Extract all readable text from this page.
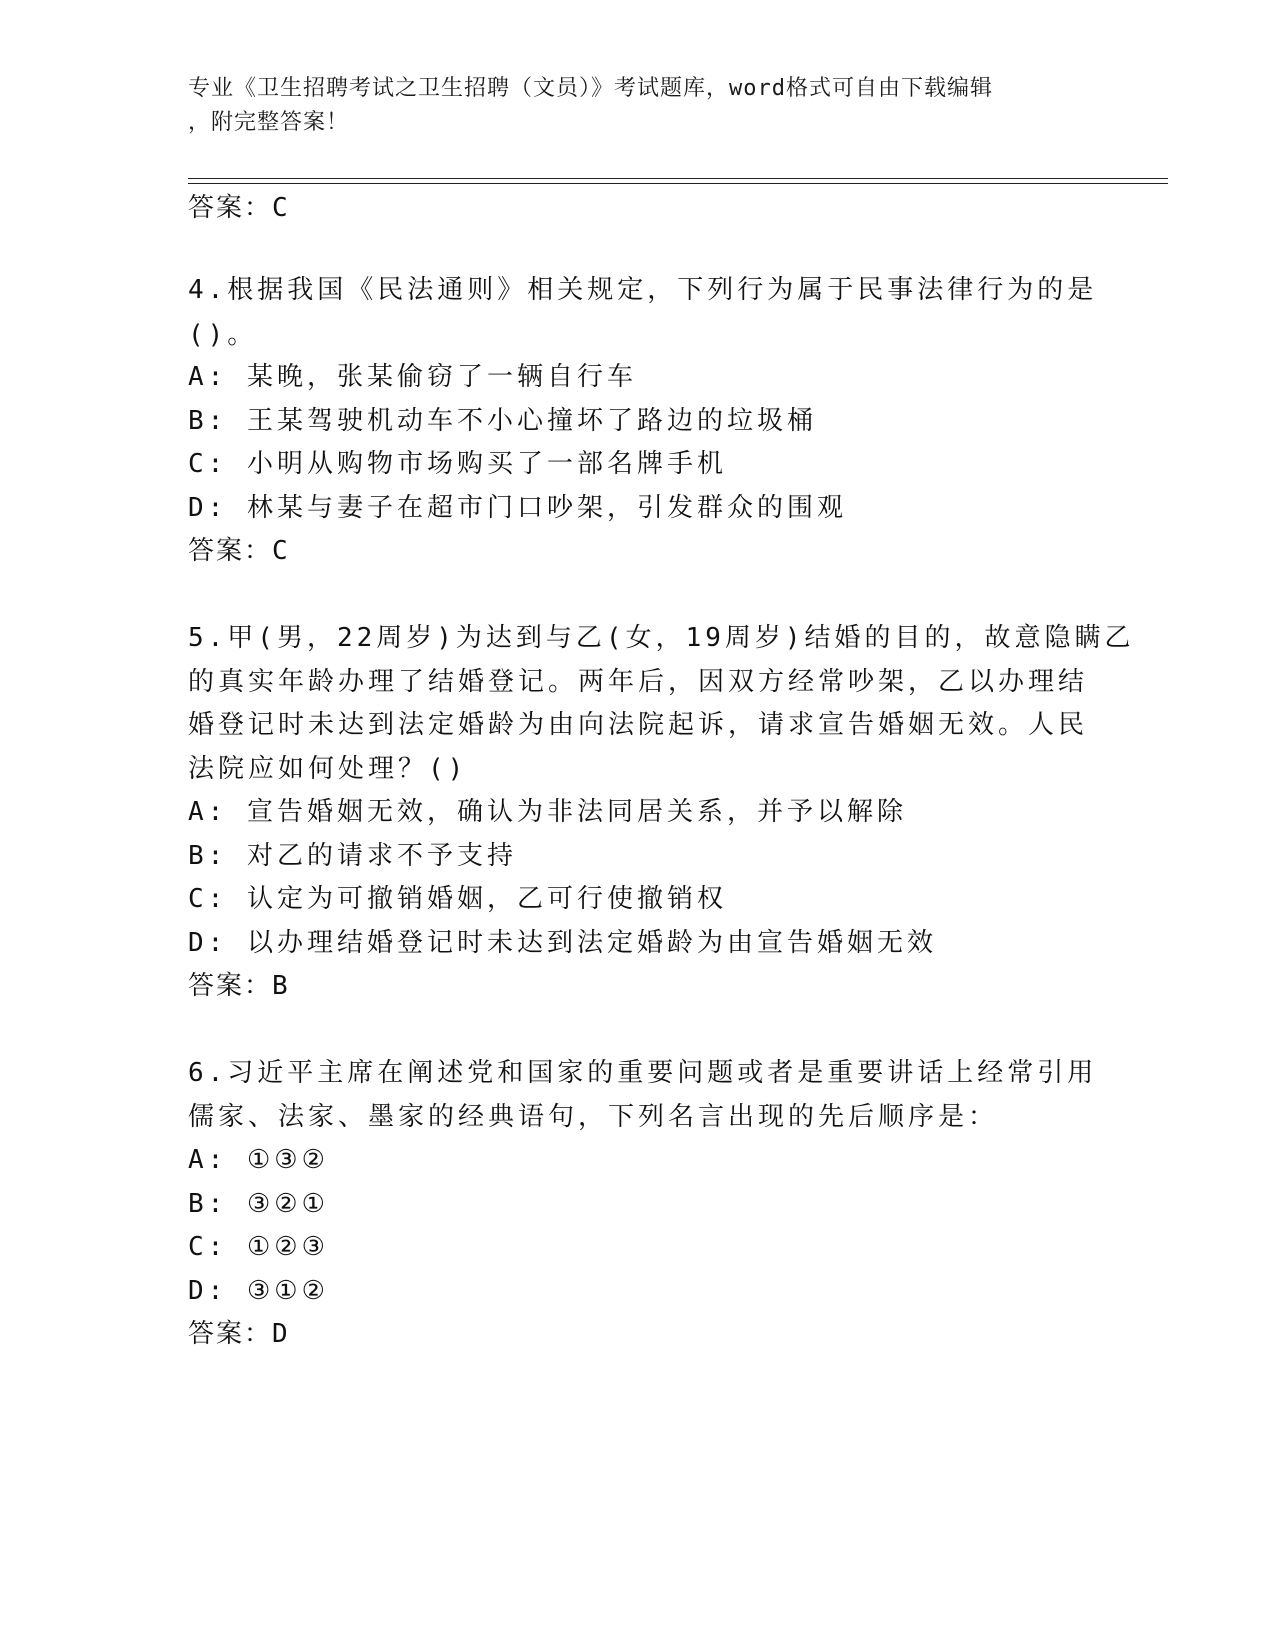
专业《卫生招聘考试之卫生招聘（文员）》考试题库，word格式可自由下载编辑
，附完整答案！
答案：C
4.根据我国《民法通则》相关规定，下列行为属于民事法律行为的是
()。
A: 某晚，张某偷窃了一辆自行车
B: 王某驾驶机动车不小心撞坏了路边的垃圾桶
C: 小明从购物市场购买了一部名牌手机
D: 林某与妻子在超市门口吵架，引发群众的围观
答案：C
5.甲(男，22周岁)为达到与乙(女，19周岁)结婚的目的，故意隐瞒乙
的真实年龄办理了结婚登记。两年后，因双方经常吵架，乙以办理结
婚登记时未达到法定婚龄为由向法院起诉，请求宣告婚姻无效。人民
法院应如何处理？()
A: 宣告婚姻无效，确认为非法同居关系，并予以解除
B: 对乙的请求不予支持
C: 认定为可撤销婚姻，乙可行使撤销权
D: 以办理结婚登记时未达到法定婚龄为由宣告婚姻无效
答案：B
6.习近平主席在阐述党和国家的重要问题或者是重要讲话上经常引用
儒家、法家、墨家的经典语句，下列名言出现的先后顺序是：
A: ①③②
B: ③②①
C: ①②③
D: ③①②
答案：D
